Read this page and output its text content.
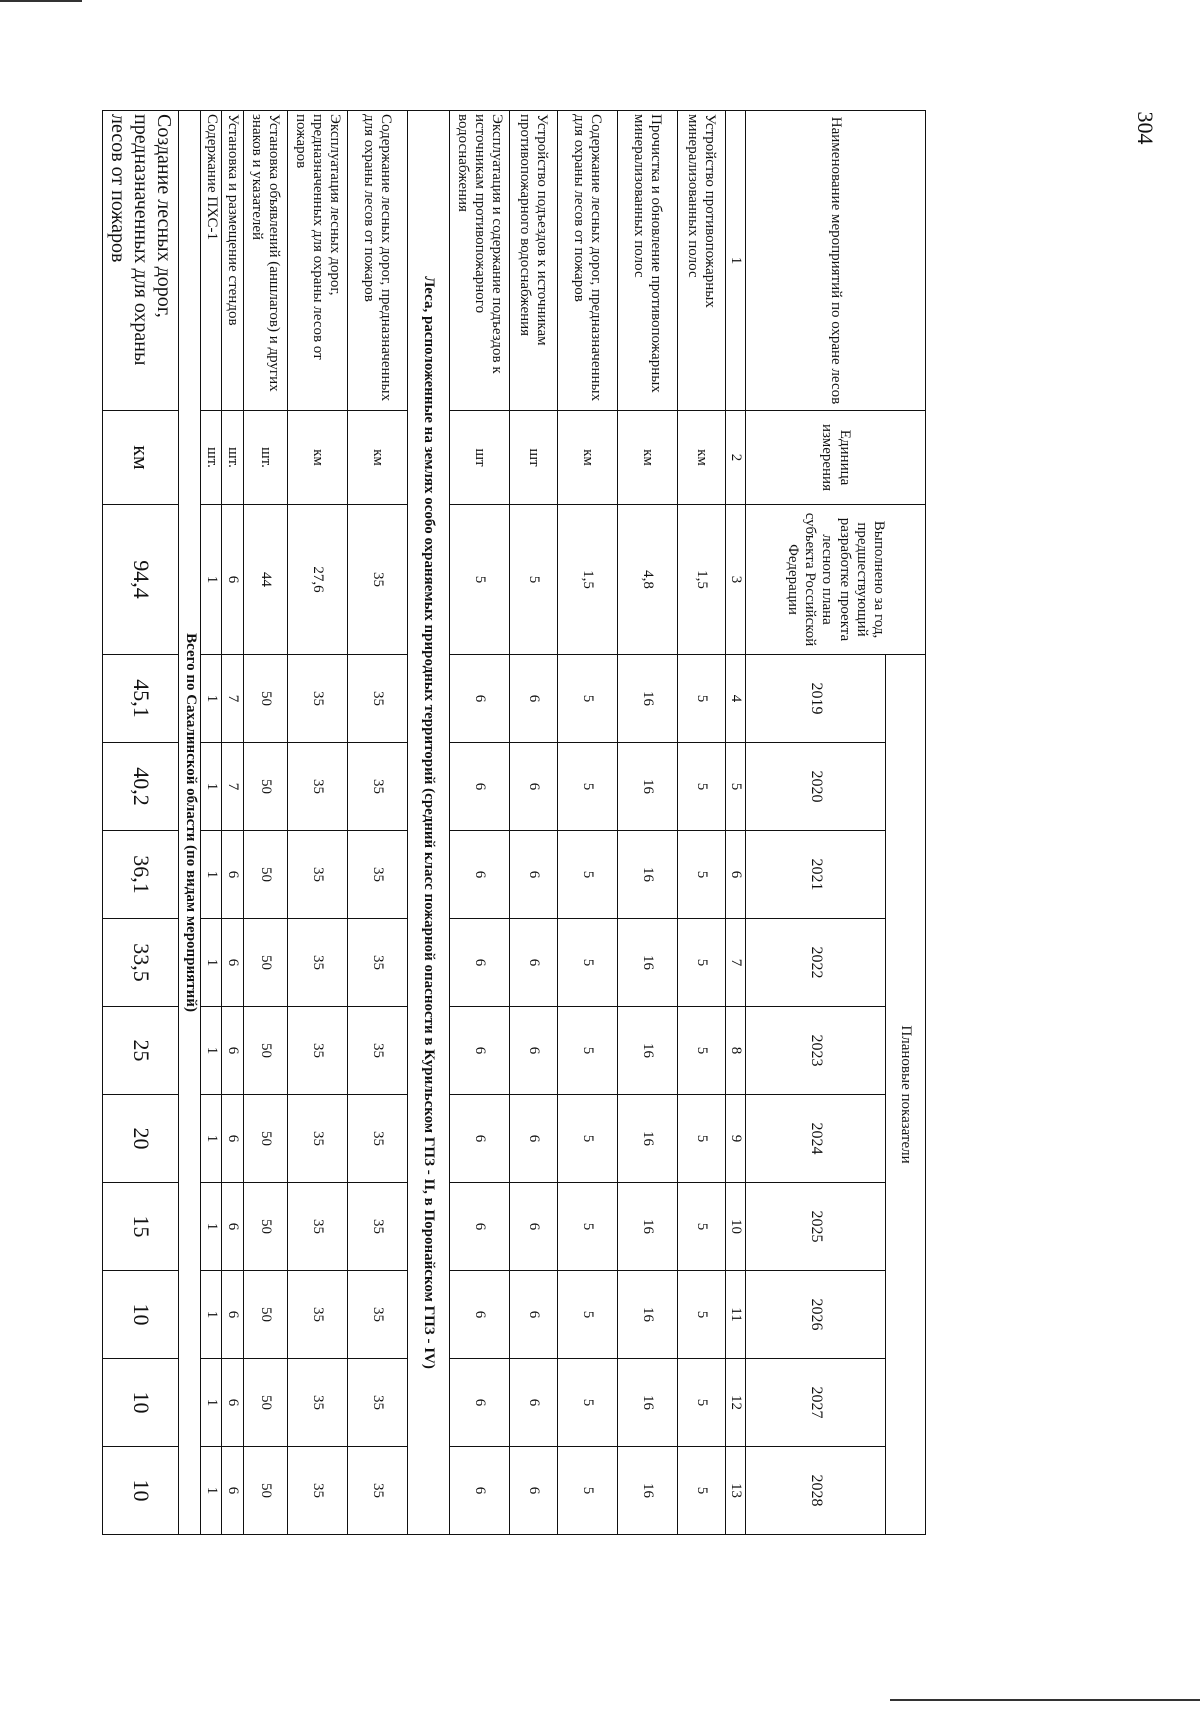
304
Наименование мероприятий по охране лесов	Единица измерения	Выполнено за год, предшествующий разработке проекта лесного плана субъекта Российской Федерации	Плановые показатели									
			2019	2020	2021	2022	2023	2024	2025	2026	2027	2028
1	2	3	4	5	6	7	8	9	10	11	12	13
Устройство противопожарных минерализованных полос	км	1,5	5	5	5	5	5	5	5	5	5	5
Прочистка и обновление противопожарных минерализованных полос	км	4,8	16	16	16	16	16	16	16	16	16	16
Содержание лесных дорог, предназначенных для охраны лесов от пожаров	км	1,5	5	5	5	5	5	5	5	5	5	5
Устройство подъездов к источникам противопожарного водоснабжения	шт	5	6	6	6	6	6	6	6	6	6	6
Эксплуатация и содержание подъездов к источникам противопожарного водоснабжения	шт	5	6	6	6	6	6	6	6	6	6	6
Леса, расположенные на землях особо охраняемых природных территорий (средний класс пожарной опасности в Курильском ГПЗ - II, в Поронайском ГПЗ - IV)												
Содержание лесных дорог, предназначенных для охраны лесов от пожаров	км	35	35	35	35	35	35	35	35	35	35	35
Эксплуатация лесных дорог, предназначенных для охраны лесов от пожаров	км	27,6	35	35	35	35	35	35	35	35	35	35
Установка объявлений (аншлагов) и других знаков и указателей	шт.	44	50	50	50	50	50	50	50	50	50	50
Установка и размещение стендов	шт.	6	7	7	6	6	6	6	6	6	6	6
Содержание ПХС-1	шт.	1	1	1	1	1	1	1	1	1	1	1
Всего по Сахалинской области (по видам мероприятий)												
Создание лесных дорог, предназначенных для охраны лесов от пожаров	км	94,4	45,1	40,2	36,1	33,5	25	20	15	10	10	10
